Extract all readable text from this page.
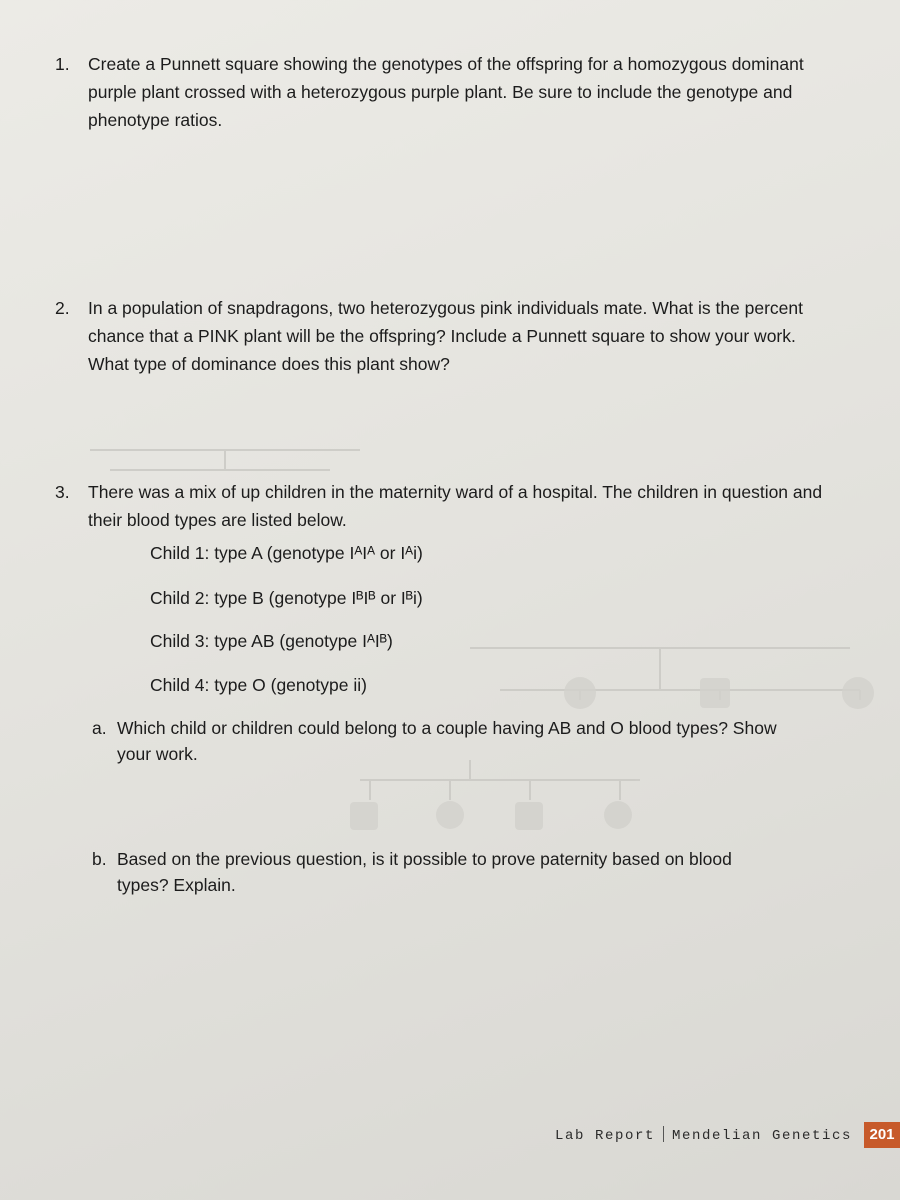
1. Create a Punnett square showing the genotypes of the offspring for a homozygous dominant
purple plant crossed with a heterozygous purple plant. Be sure to include the genotype and
phenotype ratios.
2. In a population of snapdragons, two heterozygous pink individuals mate. What is the percent
chance that a PINK plant will be the offspring? Include a Punnett square to show your work.
What type of dominance does this plant show?
3. There was a mix of up children in the maternity ward of a hospital. The children in question and
their blood types are listed below.
Child 1: type A (genotype IᴬIᴬ or Iᴬi)
Child 2: type B (genotype IᴮIᴮ or Iᴮi)
Child 3: type AB (genotype IᴬIᴮ)
Child 4: type O (genotype ii)
a. Which child or children could belong to a couple having AB and O blood types? Show
your work.
b. Based on the previous question, is it possible to prove paternity based on blood
types? Explain.
Lab Report Mendelian Genetics	201
